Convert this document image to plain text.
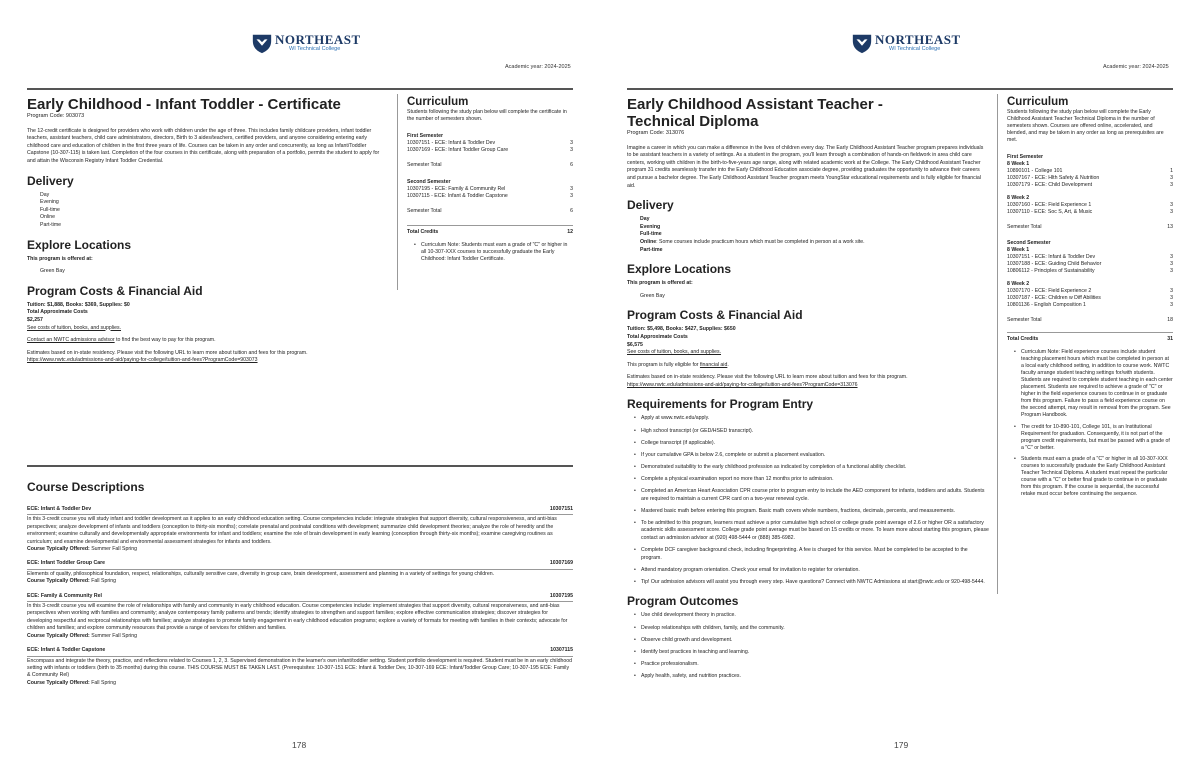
NORTHEAST
WI Technical College
Academic year: 2024-2025
Early Childhood - Infant Toddler - Certificate
Program Code: 903073

The 12-credit certificate is designed for providers who work with children under the age of three. This includes family childcare providers, infant toddler teachers, assistant teachers, child care administrators, directors, Birth to 3 aides/teachers, certified providers, and anyone considering entering early childhood care and education of children in the first three years of life. Courses can be taken in any order and concurrently, as long as Infant/Toddler Capstone (10-307-115) is taken last. Completion of the four courses in this certificate, along with preparation of a portfolio, permits the student to apply for and attain the Wisconsin Registry Infant Toddler Credential.

Delivery
Day
Evening
Full-time
Online
Part-time
Explore Locations

This program is offered at:

Green Bay

Program Costs & Financial Aid
Tuition: $1,888, Books: $369, Supplies: $0
Total Approximate Costs
$2,257

See costs of tuition, books, and supplies.

Contact an NWTC admissions advisor to find the best way to pay for this program.

Estimates based on in-state residency. Please visit the following URL to learn more about tuition and fees for this program.
https://www.nwtc.edu/admissions-and-aid/paying-for-college/tuition-and-fees?ProgramCode=903073
Curriculum

Students following the study plan below will complete the certificate in the number of semesters shown.

First Semester
10307151 - ECE: Infant & Toddler Dev	3
10307169 - ECE: Infant Toddler Group Care	3
Semester Total	6
Second Semester
10307195 - ECE: Family & Community Rel	3
10307115 - ECE: Infant & Toddler Capstone	3
Semester Total	6
Total Credits	12
• Curriculum Note: Students must earn a grade of "C" or higher in all 10-307-XXX courses to successfully graduate the Early Childhood: Infant Toddler Certificate.
Course Descriptions
ECE: Infant & Toddler Dev	10307151
In this 3-credit course you will study infant and toddler development as it applies to an early childhood education setting. Course competencies include: integrate strategies that support diversity, cultural responsiveness, and anti-bias perspectives; analyze development of infants and toddlers (conception to thirty-six months); correlate prenatal and postnatal conditions with development; summarize child development theories; analyze the role of heredity and the environment; examine culturally and developmentally appropriate environments for infant and toddlers; examine the role of brain development in early learning (conception through thirty-six months); examine caregiving routines as curriculum; and examine developmental and environmental assessment strategies for infants and toddlers.
Course Typically Offered: Summer Fall Spring
ECE: Infant Toddler Group Care	10307169
Elements of quality, philosophical foundation, respect, relationships, culturally sensitive care, diversity in group care, brain development, assessment and planning in a variety of settings for young children.
Course Typically Offered: Fall Spring
ECE: Family & Community Rel	10307195
In this 3-credit course you will examine the role of relationships with family and community in early childhood education. Course competencies include: implement strategies that support diversity, cultural responsiveness, and anti-bias perspectives when working with families and community; analyze contemporary family patterns and trends; identify strategies to strengthen and support families; explore effective communication strategies; discover strategies for developing respectful and reciprocal relationships with families; analyze strategies to promote family engagement in early childhood education programs; explore a variety of formats for meeting with families in their contexts; advocate for children and families; and explore community resources that provide a range of services for children and families.
Course Typically Offered: Summer Fall Spring
ECE: Infant & Toddler Capstone	10307115
Encompass and integrate the theory, practice, and reflections related to Courses 1, 2, 3. Supervised demonstration in the learner's own infant/toddler setting. Student portfolio development is required. Student must be in an early childhood setting with infants or toddlers (birth to 35 months) during this course. THIS COURSE MUST BE TAKEN LAST. (Prerequisites: 10-307-151 ECE: Infant & Toddler Dev, 10-307-169 ECE: Infant/Toddler Group Care; 10-307-195 ECE: Family & Community Rel)
Course Typically Offered: Fall Spring
178
NORTHEAST
WI Technical College
Academic year: 2024-2025
Early Childhood Assistant Teacher - Technical Diploma
Program Code: 313076

Imagine a career in which you can make a difference in the lives of children every day. The Early Childhood Assistant Teacher program prepares individuals to be assistant teachers in a variety of settings. As a student in the program, you'll learn through a combination of hands-on fieldwork in area child care centers, working with children in the birth-to-five-years age range, along with related academic work at the College. The Early Childhood Assistant Teacher program 31 credits seamlessly transfer into the Early Childhood Education associate degree, providing graduates the opportunity to advance their careers and pursue a bachelor degree. The Early Childhood Assistant Teacher program meets YoungStar educational requirements and is fully eligible for financial aid.

Delivery
Day
Evening
Full-time
Online: Some courses include practicum hours which must be completed in person at a work site.
Part-time
Explore Locations

This program is offered at:

Green Bay

Program Costs & Financial Aid
Tuition: $5,498, Books: $427, Supplies: $650
Total Approximate Costs
$6,575

See costs of tuition, books, and supplies.

This program is fully eligible for financial aid.

Estimates based on in-state residency. Please visit the following URL to learn more about tuition and fees for this program.
https://www.nwtc.edu/admissions-and-aid/paying-for-college/tuition-and-fees?ProgramCode=313076
Requirements for Program Entry
• Apply at www.nwtc.edu/apply.
• High school transcript (or GED/HSED transcript).
• College transcript (if applicable).
• If your cumulative GPA is below 2.6, complete or submit a placement evaluation.
• Demonstrated suitability to the early childhood profession as indicated by completion of a functional ability checklist.
• Complete a physical examination report no more than 12 months prior to admission.
• Completed an American Heart Association CPR course prior to program entry to include the AED component for infants, toddlers and adults. Students are required to maintain a current CPR card on a two-year renewal cycle.
• Mastered basic math before entering this program. Basic math covers whole numbers, fractions, decimals, percents, and measurements.
• To be admitted to this program, learners must achieve a prior cumulative high school or college grade point average of 2.6 or higher OR a satisfactory academic skills assessment score. College grade point average must be based on 15 credits or more. To learn more about starting this program, please contact an admission advisor at (920) 498-5444 or (888) 385-6982.
• Complete DCF caregiver background check, including fingerprinting. A fee is charged for this service. Must be completed to be accepted to the program.
• Attend mandatory program orientation. Check your email for invitation to register for orientation.
• Tip! Our admission advisors will assist you through every step. Have questions? Connect with NWTC Admissions at start@nwtc.edu or 920-498-5444.
Program Outcomes
• Use child development theory in practice.
• Develop relationships with children, family, and the community.
• Observe child growth and development.
• Identify best practices in teaching and learning.
• Practice professionalism.
• Apply health, safety, and nutrition practices.
Curriculum

Students following the study plan below will complete the Early Childhood Assistant Teacher Technical Diploma in the number of semesters shown. Courses are offered online, accelerated, and blended, and may be taken in any order as long as prerequisites are met.

First Semester
8 Week 1
10890101 - College 101	1
10307167 - ECE: Hlth Safety & Nutrition	3
10307179 - ECE: Child Development	3
8 Week 2
10307160 - ECE: Field Experience 1	3
10307110 - ECE: Soc S, Art, & Music	3
Semester Total	13
Second Semester
8 Week 1
10307151 - ECE: Infant & Toddler Dev	3
10307188 - ECE: Guiding Child Behavior	3
10806112 - Principles of Sustainability	3
8 Week 2
10307170 - ECE: Field Experience 2	3
10307187 - ECE: Children w Diff Abilities	3
10801136 - English Composition 1	3
Semester Total	18
Total Credits	31
• Curriculum Note: Field experience courses include student teaching placement hours which must be completed in person at a local early childhood setting, in addition to course work. NWTC faculty arrange student teaching settings for/with students. Students are required to complete student teaching in each center placement. Students are required to achieve a grade of "C" or higher in the field experience courses to continue in or graduate from this program. Failure to pass a field experience course on the second attempt, may result in removal from the program. See Program Handbook.
• The credit for 10-890-101, College 101, is an Institutional Requirement for graduation. Consequently, it is not part of the program credit requirements, but must be passed with a grade of a "C" or better.
• Students must earn a grade of a "C" or higher in all 10-307-XXX courses to successfully graduate the Early Childhood Assistant Teacher Technical Diploma. A student must repeat the particular course with a "C" or better final grade to continue in or graduate from this program. If the course is sequential, the successful retake must occur before continuing the sequence.
179
